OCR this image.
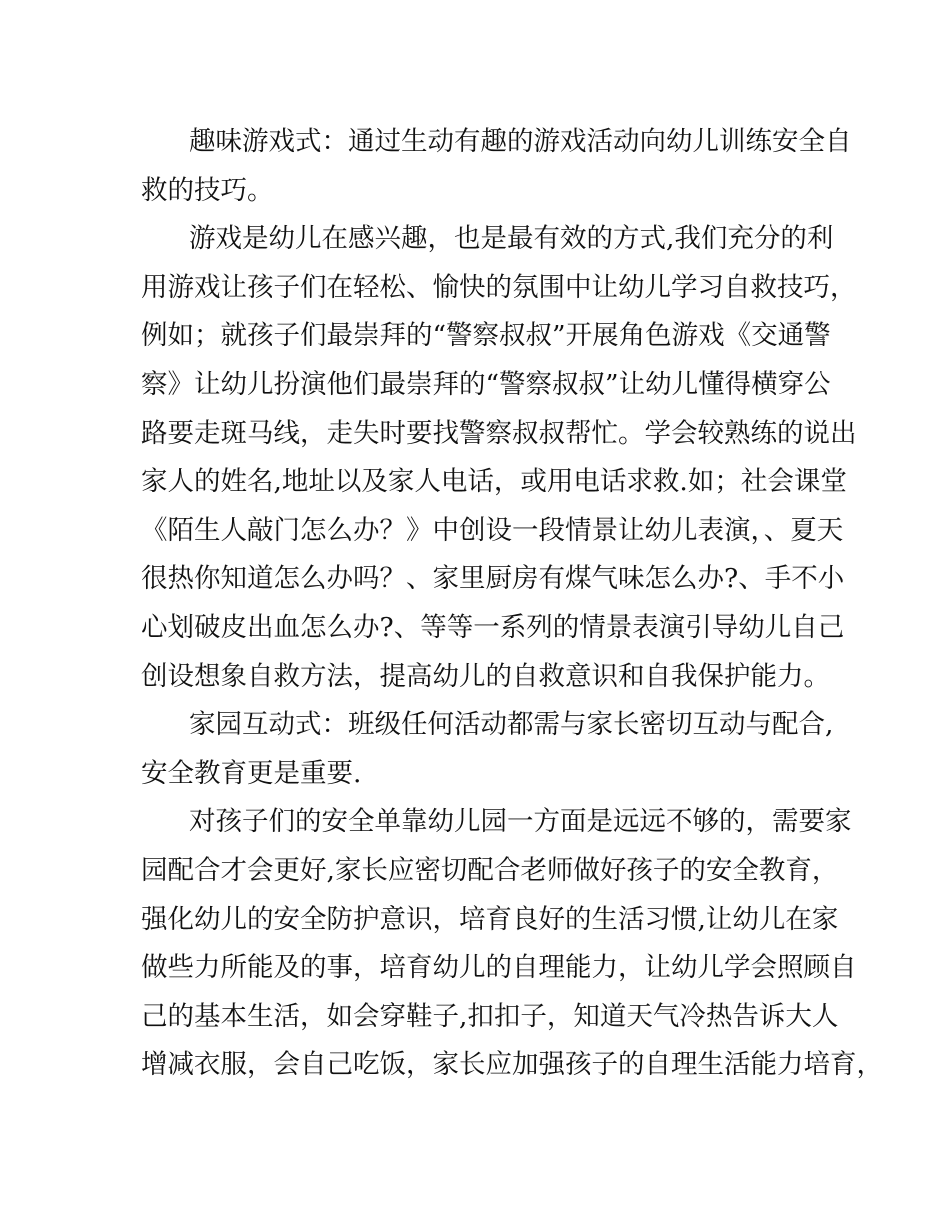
趣味游戏式：通过生动有趣的游戏活动向幼儿训练安全自
救的技巧。
游戏是幼儿在感兴趣，也是最有效的方式,我们充分的利
用游戏让孩子们在轻松、愉快的氛围中让幼儿学习自救技巧，
例如；就孩子们最崇拜的“警察叔叔”开展角色游戏《交通警
察》让幼儿扮演他们最崇拜的“警察叔叔”让幼儿懂得横穿公
路要走斑马线，走失时要找警察叔叔帮忙。学会较熟练的说出
家人的姓名,地址以及家人电话，或用电话求救.如；社会课堂
《陌生人敲门怎么办？》中创设一段情景让幼儿表演，、夏天
很热你知道怎么办吗？、家里厨房有煤气味怎么办?、手不小
心划破皮出血怎么办?、等等一系列的情景表演引导幼儿自己
创设想象自救方法，提高幼儿的自救意识和自我保护能力。
家园互动式：班级任何活动都需与家长密切互动与配合,
安全教育更是重要.
对孩子们的安全单靠幼儿园一方面是远远不够的，需要家
园配合才会更好,家长应密切配合老师做好孩子的安全教育，
强化幼儿的安全防护意识，培育良好的生活习惯,让幼儿在家
做些力所能及的事，培育幼儿的自理能力，让幼儿学会照顾自
己的基本生活，如会穿鞋子,扣扣子，知道天气冷热告诉大人
增减衣服，会自己吃饭，家长应加强孩子的自理生活能力培育，
